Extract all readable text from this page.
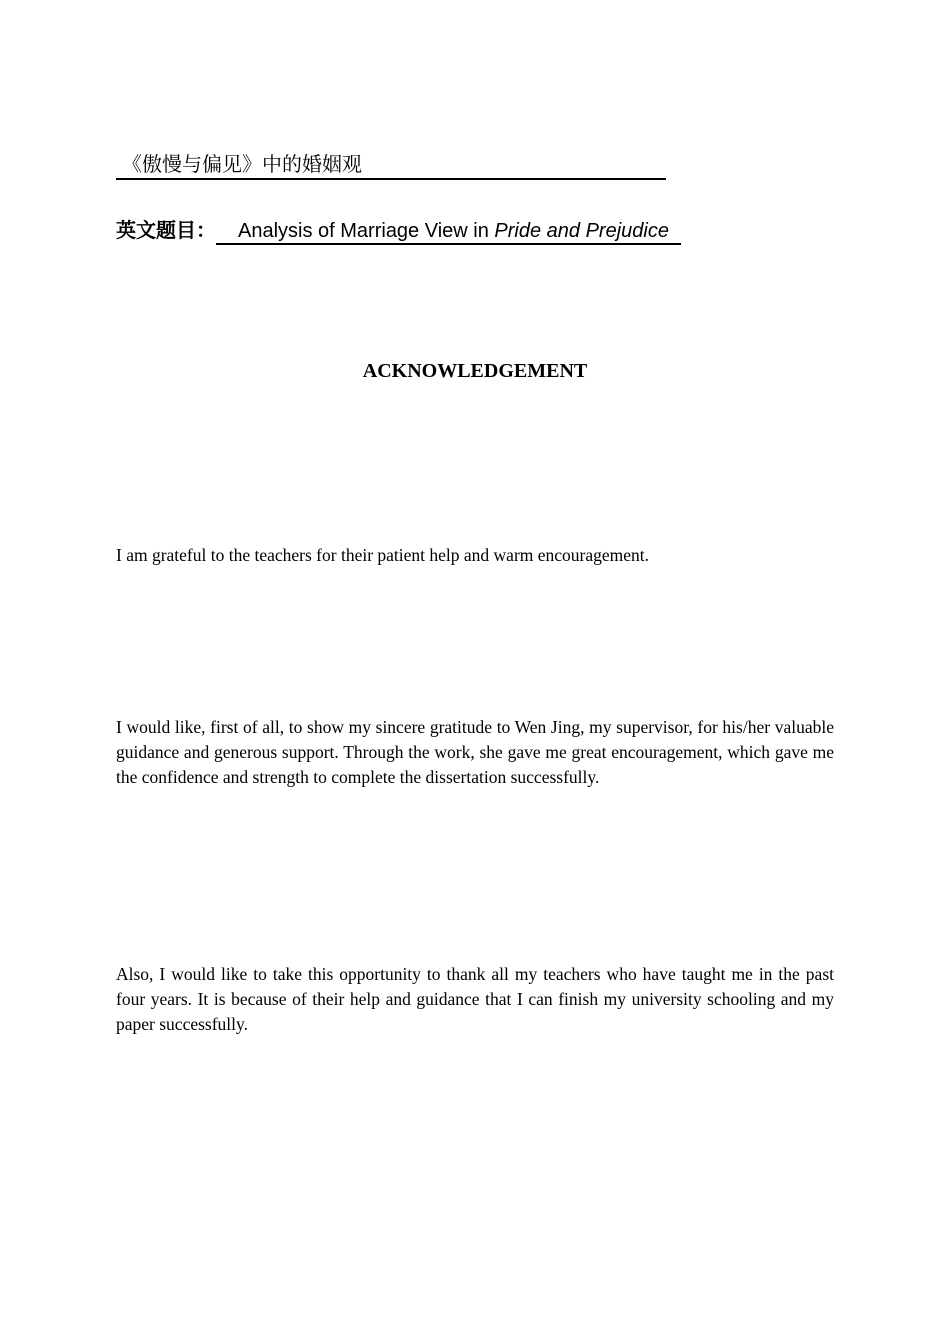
《傲慢与偏见》中的婚姻观
英文题目： Analysis of Marriage View in Pride and Prejudice
ACKNOWLEDGEMENT

I am grateful to the teachers for their patient help and warm encouragement.

I would like, first of all, to show my sincere gratitude to Wen Jing, my supervisor, for his/her valuable guidance and generous support. Through the work, she gave me great encouragement, which gave me the confidence and strength to complete the dissertation successfully.

Also, I would like to take this opportunity to thank all my teachers who have taught me in the past four years. It is because of their help and guidance that I can finish my university schooling and my paper successfully.
